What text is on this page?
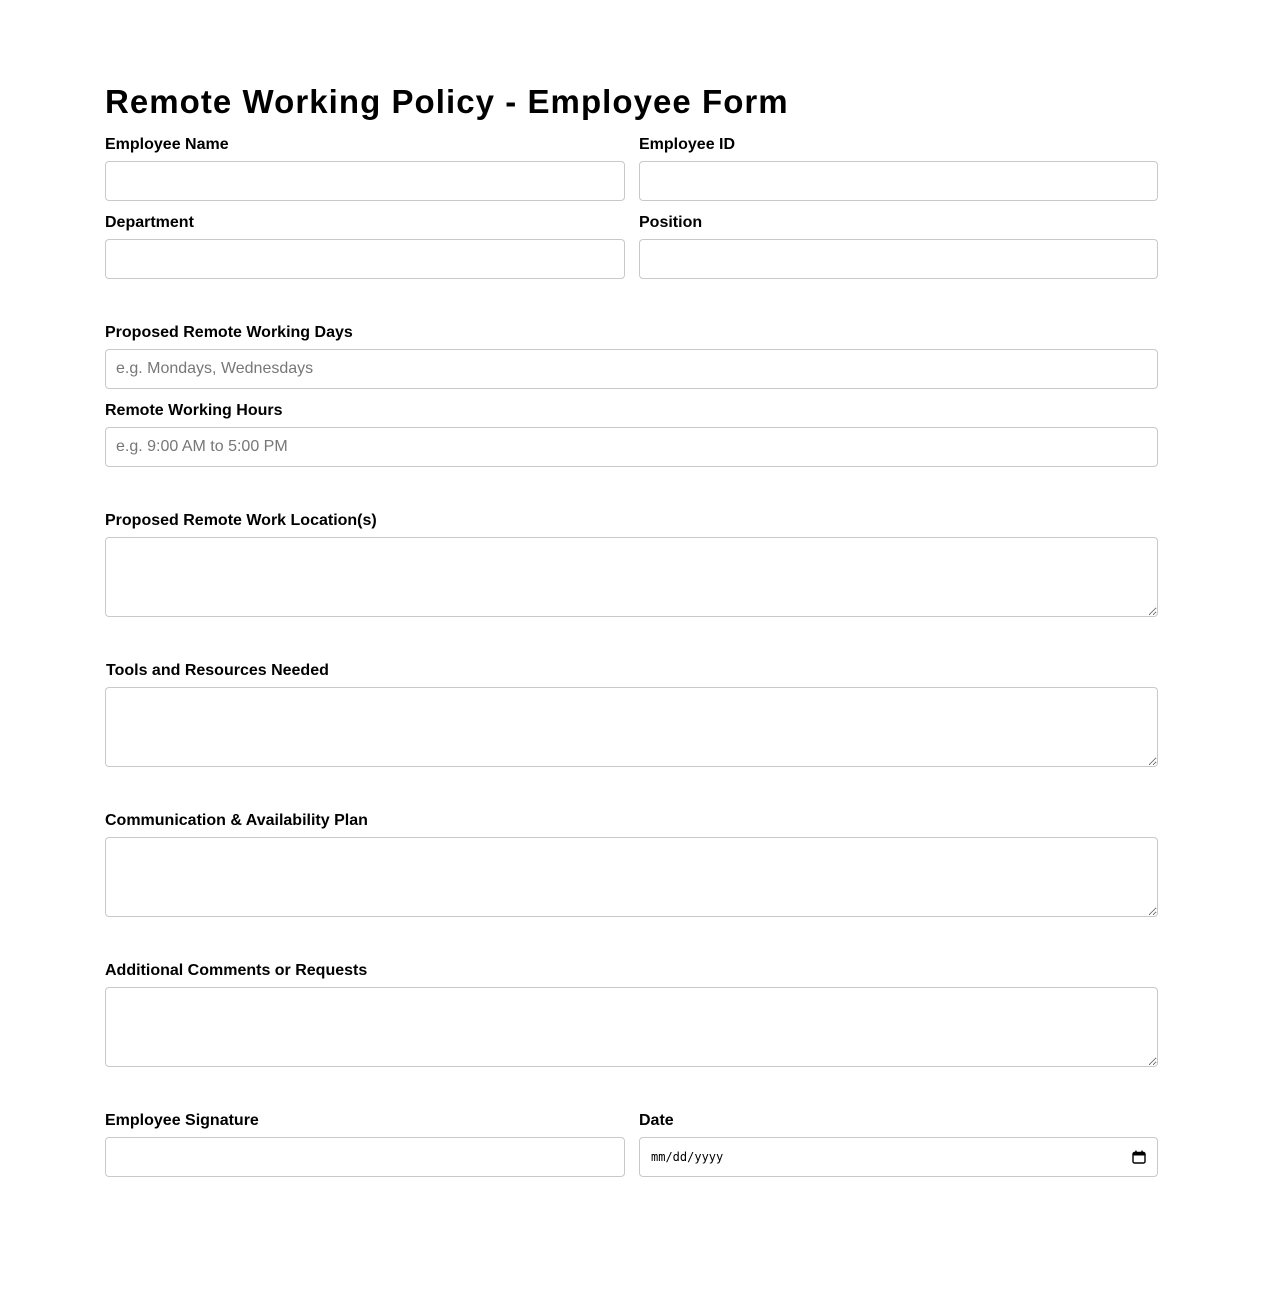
Remote Working Policy - Employee Form
Employee Name	Employee ID
Department	Position
Proposed Remote Working Days
e.g. Mondays, Wednesdays
Remote Working Hours
e.g. 9:00 AM to 5:00 PM
Proposed Remote Work Location(s)
Tools and Resources Needed
Communication & Availability Plan
Additional Comments or Requests
Employee Signature	Date
mm/dd/yyyy
